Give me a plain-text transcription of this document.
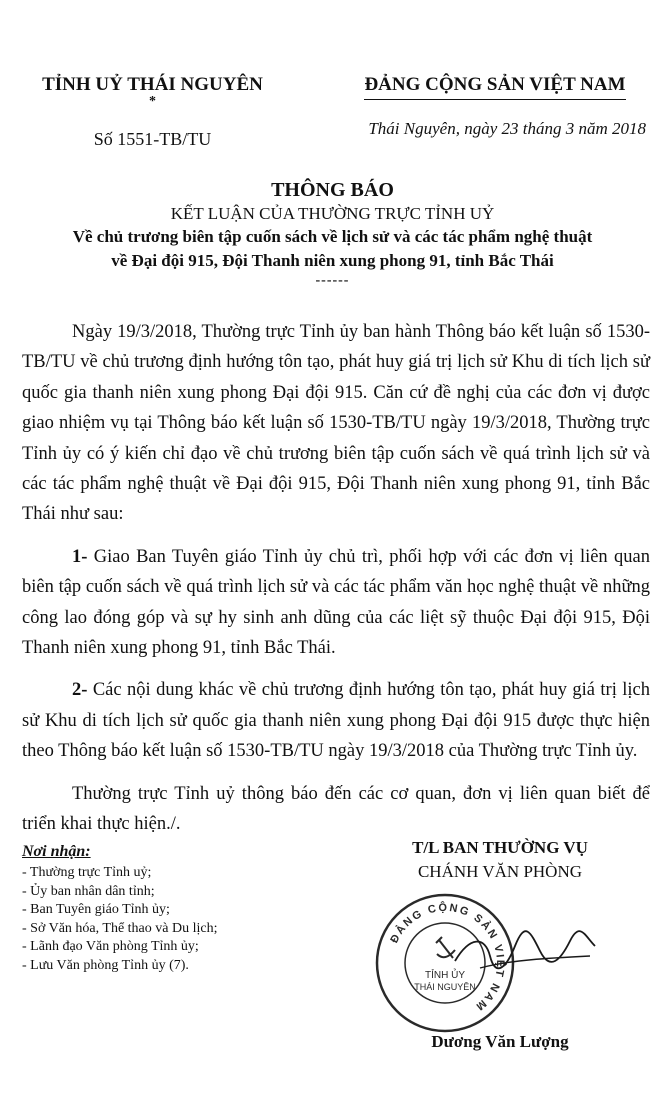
TỈNH UỶ THÁI NGUYÊN
*
Số 1551-TB/TU
ĐẢNG CỘNG SẢN VIỆT NAM
Thái Nguyên, ngày 23 tháng 3 năm 2018
THÔNG BÁO
KẾT LUẬN CỦA THƯỜNG TRỰC TỈNH UỶ
Về chủ trương biên tập cuốn sách về lịch sử và các tác phẩm nghệ thuật
về Đại đội 915, Đội Thanh niên xung phong 91, tỉnh Bắc Thái
------

Ngày 19/3/2018, Thường trực Tỉnh ủy ban hành Thông báo kết luận số 1530-TB/TU về chủ trương định hướng tôn tạo, phát huy giá trị lịch sử Khu di tích lịch sử quốc gia thanh niên xung phong Đại đội 915. Căn cứ đề nghị của các đơn vị được giao nhiệm vụ tại Thông báo kết luận số 1530-TB/TU ngày 19/3/2018, Thường trực Tỉnh ủy có ý kiến chỉ đạo về chủ trương biên tập cuốn sách về quá trình lịch sử và các tác phẩm nghệ thuật về Đại đội 915, Đội Thanh niên xung phong 91, tỉnh Bắc Thái như sau:

1- Giao Ban Tuyên giáo Tỉnh ủy chủ trì, phối hợp với các đơn vị liên quan biên tập cuốn sách về quá trình lịch sử và các tác phẩm văn học nghệ thuật về những công lao đóng góp và sự hy sinh anh dũng của các liệt sỹ thuộc Đại đội 915, Đội Thanh niên xung phong 91, tỉnh Bắc Thái.

2- Các nội dung khác về chủ trương định hướng tôn tạo, phát huy giá trị lịch sử Khu di tích lịch sử quốc gia thanh niên xung phong Đại đội 915 được thực hiện theo Thông báo kết luận số 1530-TB/TU ngày 19/3/2018 của Thường trực Tỉnh ủy.

Thường trực Tỉnh uỷ thông báo đến các cơ quan, đơn vị liên quan biết để triển khai thực hiện./.

Nơi nhận:
- Thường trực Tỉnh uỷ;
- Ủy ban nhân dân tỉnh;
- Ban Tuyên giáo Tỉnh ủy;
- Sở Văn hóa, Thể thao và Du lịch;
- Lãnh đạo Văn phòng Tỉnh ủy;
- Lưu Văn phòng Tỉnh ủy (7).
T/L BAN THƯỜNG VỤ
CHÁNH VĂN PHÒNG
ĐẢNG CỘNG SẢN VIỆT NAM
TỈNH ỦY
THÁI NGUYÊN
Dương Văn Lượng
